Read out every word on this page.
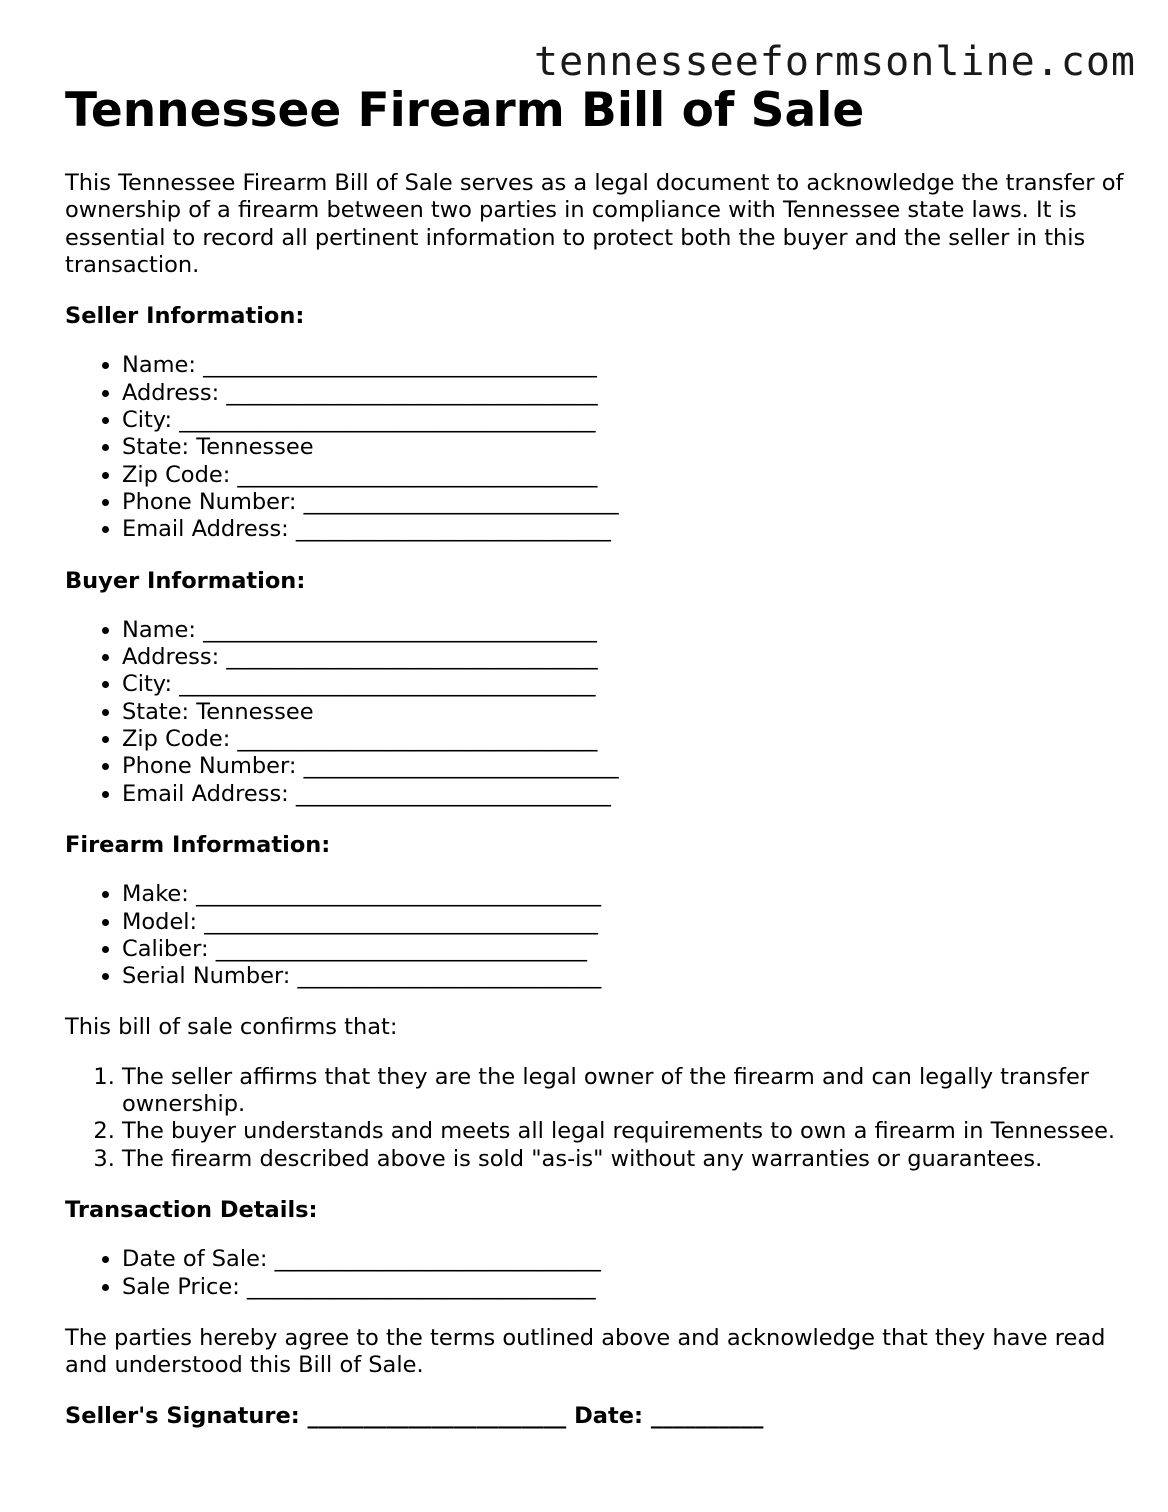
tennesseeformsonline.com
Tennessee Firearm Bill of Sale

This Tennessee Firearm Bill of Sale serves as a legal document to acknowledge the transfer of ownership of a firearm between two parties in compliance with Tennessee state laws. It is essential to record all pertinent information to protect both the buyer and the seller in this transaction.

Seller Information:
• Name: ___________________________________
• Address: _________________________________
• City: _____________________________________
• State: Tennessee
• Zip Code: ________________________________
• Phone Number: ____________________________
• Email Address: ____________________________
Buyer Information:
• Name: ___________________________________
• Address: _________________________________
• City: _____________________________________
• State: Tennessee
• Zip Code: ________________________________
• Phone Number: ____________________________
• Email Address: ____________________________
Firearm Information:
• Make: ____________________________________
• Model: ___________________________________
• Caliber: _________________________________
• Serial Number: ___________________________

This bill of sale confirms that:

1. The seller affirms that they are the legal owner of the firearm and can legally transfer ownership.
2. The buyer understands and meets all legal requirements to own a firearm in Tennessee.
3. The firearm described above is sold "as-is" without any warranties or guarantees.
Transaction Details:
• Date of Sale: _____________________________
• Sale Price: _______________________________

The parties hereby agree to the terms outlined above and acknowledge that they have read and understood this Bill of Sale.

Seller's Signature: _______________________ Date: __________
